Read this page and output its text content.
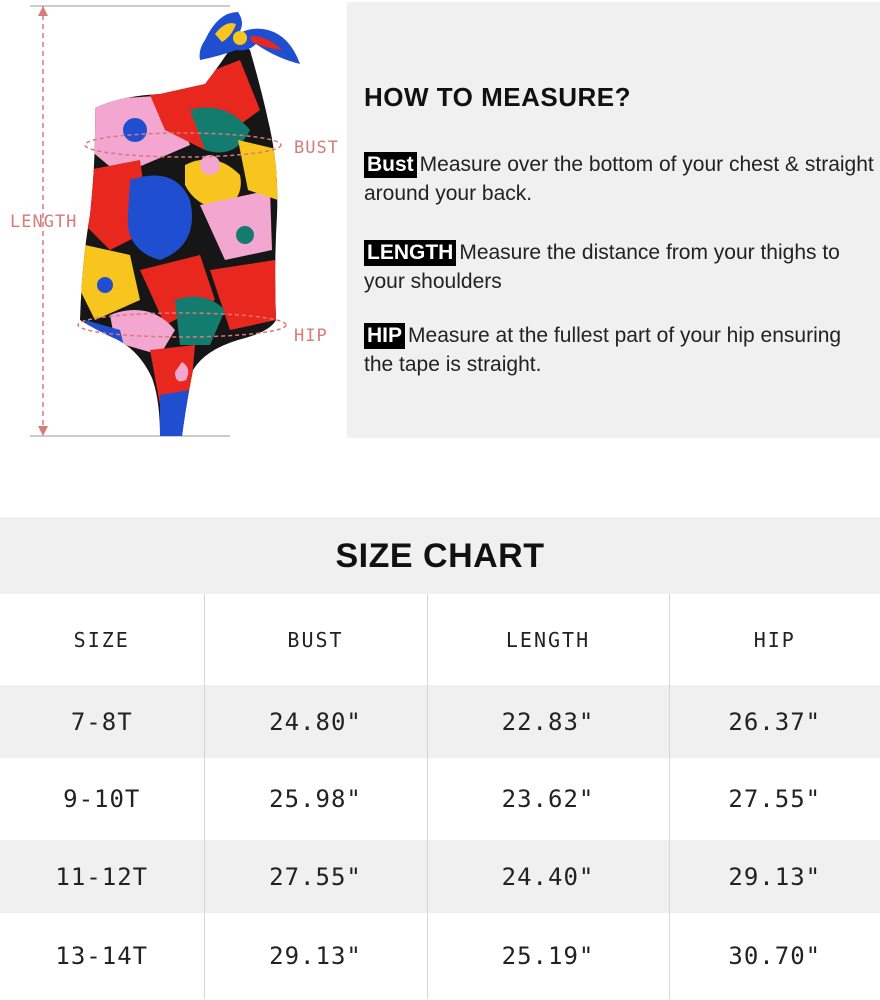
LENGTH
BUST
HIP
HOW TO MEASURE?
Bust Measure over the bottom of your chest & straight around your back.
LENGTH Measure the distance from your thighs to your shoulders
HIP Measure at the fullest part of your hip ensuring the tape is straight.
SIZE CHART
SIZE	BUST	LENGTH	HIP
7-8T	24.80"	22.83"	26.37"
9-10T	25.98"	23.62"	27.55"
11-12T	27.55"	24.40"	29.13"
13-14T	29.13"	25.19"	30.70"
